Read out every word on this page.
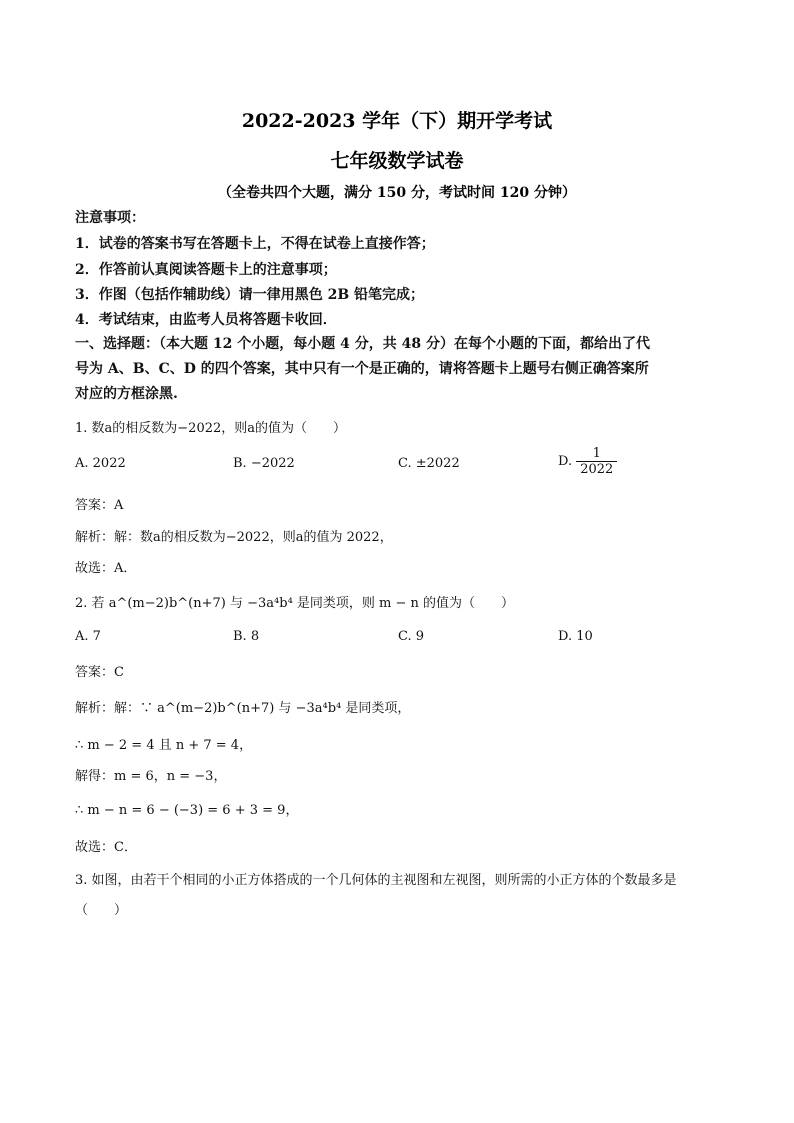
2022-2023 学年（下）期开学考试
七年级数学试卷
（全卷共四个大题，满分 150 分，考试时间 120 分钟）
注意事项：
1．试卷的答案书写在答题卡上，不得在试卷上直接作答；
2．作答前认真阅读答题卡上的注意事项；
3．作图（包括作辅助线）请一律用黑色 2B 铅笔完成；
4．考试结束，由监考人员将答题卡收回．
一、选择题：（本大题 12 个小题，每小题 4 分，共 48 分）在每个小题的下面，都给出了代
号为 A、B、C、D 的四个答案，其中只有一个是正确的，请将答题卡上题号右侧正确答案所
对应的方框涂黑.
1. 数a的相反数为−2022，则a的值为（　　）
A. 2022	B. −2022	C. ±2022	D. $\frac{1}{2022}$
答案：A
解析：解：数a的相反数为−2022，则a的值为 2022，
故选：A．
2. 若 a^(m−2)b^(n+7) 与 −3a⁴b⁴ 是同类项，则 m − n 的值为（　　）
A. 7	B. 8	C. 9	D. 10
答案：C
解析：解：∵ a^(m−2)b^(n+7) 与 −3a⁴b⁴ 是同类项，
∴ m − 2 = 4 且 n + 7 = 4，
解得：m = 6，n = −3，
∴ m − n = 6 − (−3) = 6 + 3 = 9，
故选：C．
3. 如图，由若干个相同的小正方体搭成的一个几何体的主视图和左视图，则所需的小正方体的个数最多是
（　　）
